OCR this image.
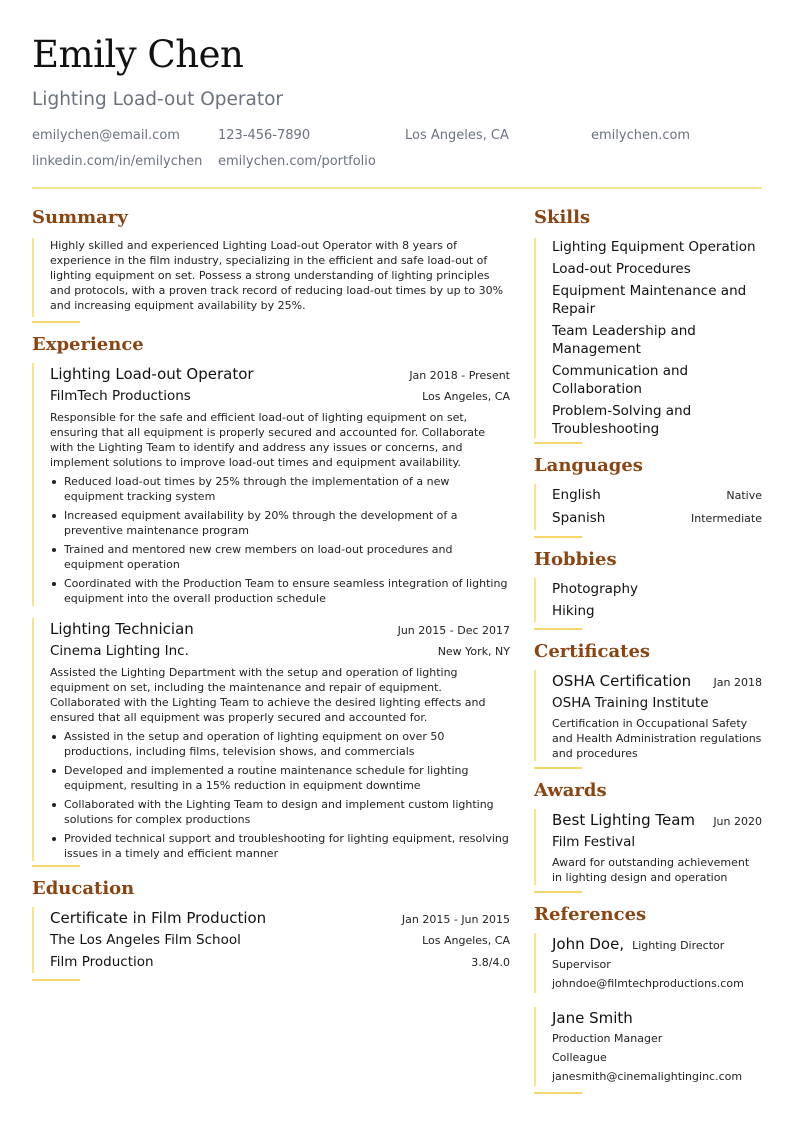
Emily Chen
Lighting Load-out Operator
emilychen@email.com	123-456-7890	Los Angeles, CA	emilychen.com
linkedin.com/in/emilychen emilychen.com/portfolio
Summary

Highly skilled and experienced Lighting Load-out Operator with 8 years of experience in the film industry, specializing in the efficient and safe load-out of lighting equipment on set. Possess a strong understanding of lighting principles and protocols, with a proven track record of reducing load-out times by up to 30% and increasing equipment availability by 25%.

Experience
Lighting Load-out Operator	Jan 2018 - Present
FilmTech Productions	Los Angeles, CA

Responsible for the safe and efficient load-out of lighting equipment on set, ensuring that all equipment is properly secured and accounted for. Collaborate with the Lighting Team to identify and address any issues or concerns, and implement solutions to improve load-out times and equipment availability.

Reduced load-out times by 25% through the implementation of a new equipment tracking system
Increased equipment availability by 20% through the development of a preventive maintenance program
Trained and mentored new crew members on load-out procedures and equipment operation
Coordinated with the Production Team to ensure seamless integration of lighting equipment into the overall production schedule
Lighting Technician	Jun 2015 - Dec 2017
Cinema Lighting Inc.	New York, NY

Assisted the Lighting Department with the setup and operation of lighting equipment on set, including the maintenance and repair of equipment. Collaborated with the Lighting Team to achieve the desired lighting effects and ensured that all equipment was properly secured and accounted for.

Assisted in the setup and operation of lighting equipment on over 50 productions, including films, television shows, and commercials
Developed and implemented a routine maintenance schedule for lighting equipment, resulting in a 15% reduction in equipment downtime
Collaborated with the Lighting Team to design and implement custom lighting solutions for complex productions
Provided technical support and troubleshooting for lighting equipment, resolving issues in a timely and efficient manner
Education
Certificate in Film Production	Jan 2015 - Jun 2015
The Los Angeles Film School	Los Angeles, CA
Film Production	3.8/4.0
Skills
Lighting Equipment Operation
Load-out Procedures
Equipment Maintenance and Repair
Team Leadership and Management
Communication and Collaboration
Problem-Solving and Troubleshooting
Languages
English	Native
Spanish	Intermediate
Hobbies
Photography
Hiking
Certificates
OSHA Certification Jan 2018
OSHA Training Institute

Certification in Occupational Safety and Health Administration regulations and procedures

Awards
Best Lighting Team Jun 2020
Film Festival

Award for outstanding achievement in lighting design and operation

References
John Doe, Lighting Director
Supervisor
johndoe@filmtechproductions.com
Jane Smith
Production Manager
Colleague
janesmith@cinemalightinginc.com
